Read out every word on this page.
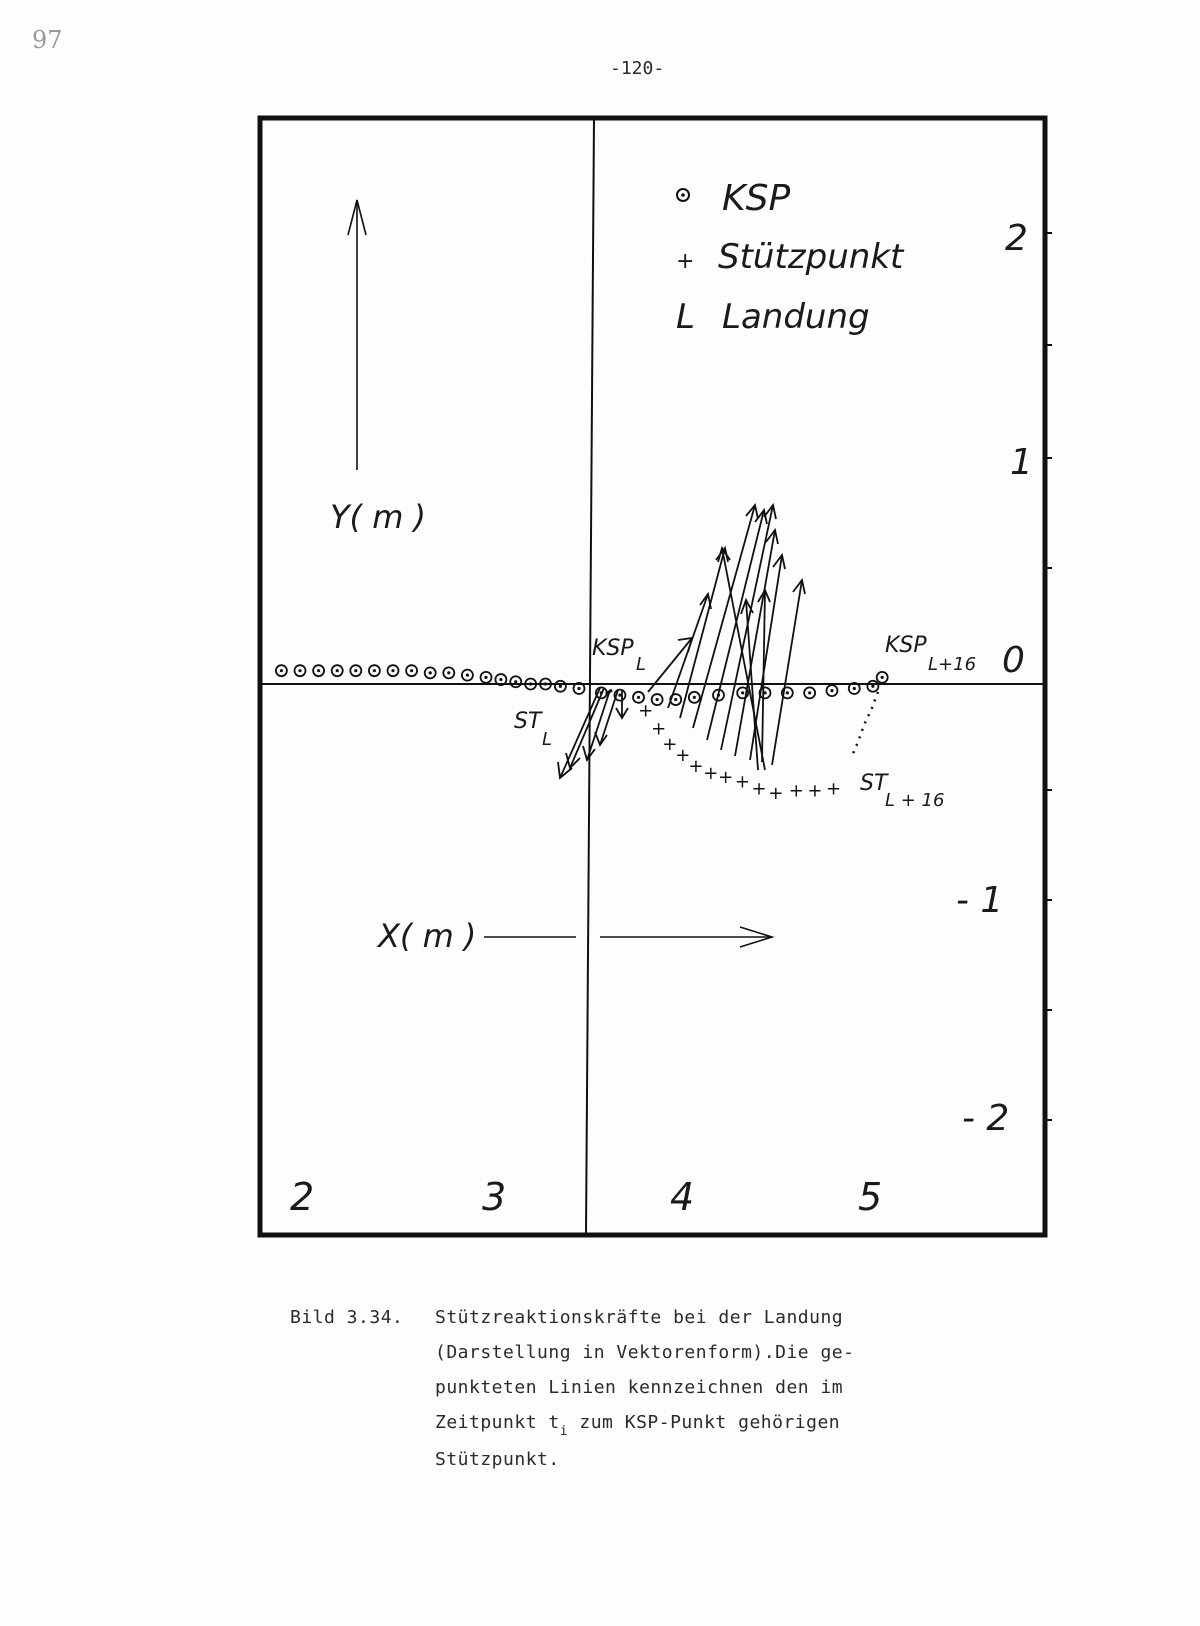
97
-120-
2
1
0
- 1
- 2
2	3	4	5
Y( m )
X( m )
KSP
+ Stützpunkt
L Landung
+
+
+
+
+ + + + + + + + +
KSP
L
ST
L
KSP
L+16
ST
L + 16
Bild 3.34. Stützreaktionskräfte bei der Landung
(Darstellung in Vektorenform).Die ge-
punkteten Linien kennzeichnen den im
Zeitpunkt $t_i$ zum KSP-Punkt gehörigen
Stützpunkt.
